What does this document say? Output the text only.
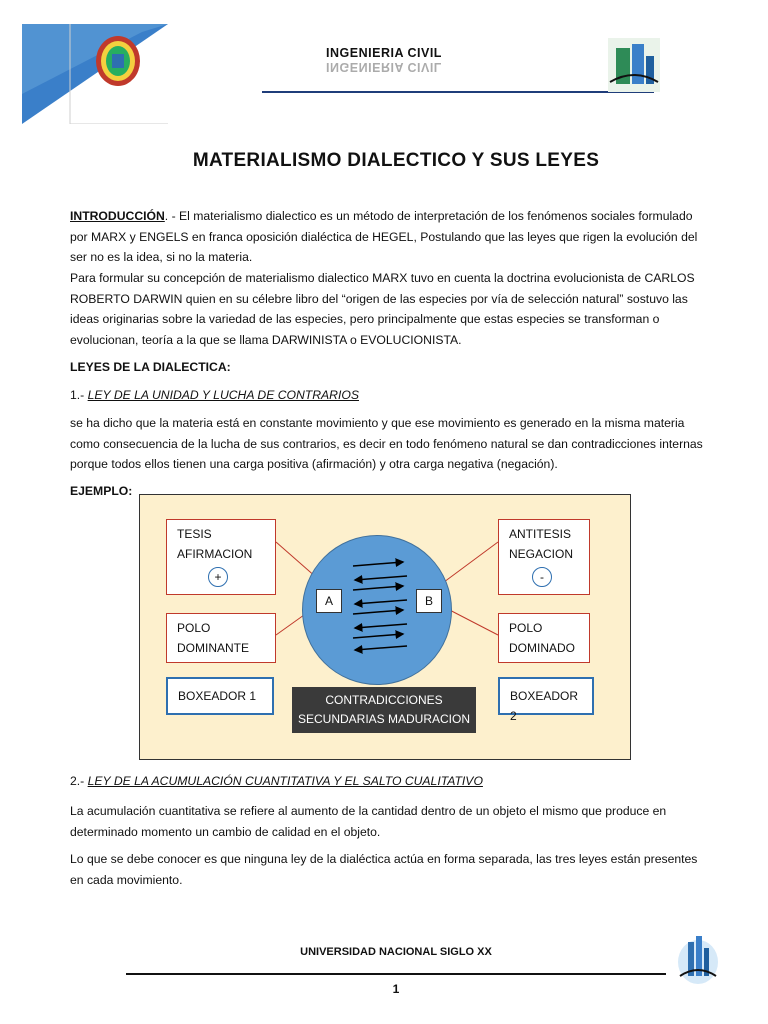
INGENIERIA CIVIL
INGENIERIA CIVIL
MATERIALISMO DIALECTICO Y SUS LEYES
INTRODUCCIÓN. - El materialismo dialectico es un método de interpretación de los fenómenos sociales formulado por MARX y ENGELS en franca oposición dialéctica de HEGEL, Postulando que las leyes que rigen la evolución del ser no es la idea, si no la materia.
Para formular su concepción de materialismo dialectico MARX tuvo en cuenta la doctrina evolucionista de CARLOS ROBERTO DARWIN quien en su célebre libro del “origen de las especies por vía de selección natural” sostuvo las ideas originarias sobre la variedad de las especies, pero principalmente que estas especies se transforman o evolucionan, teoría a la que se llama DARWINISTA o EVOLUCIONISTA.
LEYES DE LA DIALECTICA:
1.- LEY DE LA UNIDAD Y LUCHA DE CONTRARIOS
se ha dicho que la materia está en constante movimiento y que ese movimiento es generado en la misma materia como consecuencia de la lucha de sus contrarios, es decir en todo fenómeno natural se dan contradicciones internas porque todos ellos tienen una carga positiva (afirmación) y otra carga negativa (negación).
EJEMPLO:
TESIS
AFIRMACION
+
ANTITESIS
NEGACION
-
POLO
DOMINANTE
POLO
DOMINADO
BOXEADOR 1	BOXEADOR 2
A	B
CONTRADICCIONES
SECUNDARIAS MADURACION
2.- LEY DE LA ACUMULACIÓN CUANTITATIVA Y EL SALTO CUALITATIVO
La acumulación cuantitativa se refiere al aumento de la cantidad dentro de un objeto el mismo que produce en determinado momento un cambio de calidad en el objeto.
Lo que se debe conocer es que ninguna ley de la dialéctica actúa en forma separada, las tres leyes están presentes en cada movimiento.
UNIVERSIDAD NACIONAL SIGLO XX
1
